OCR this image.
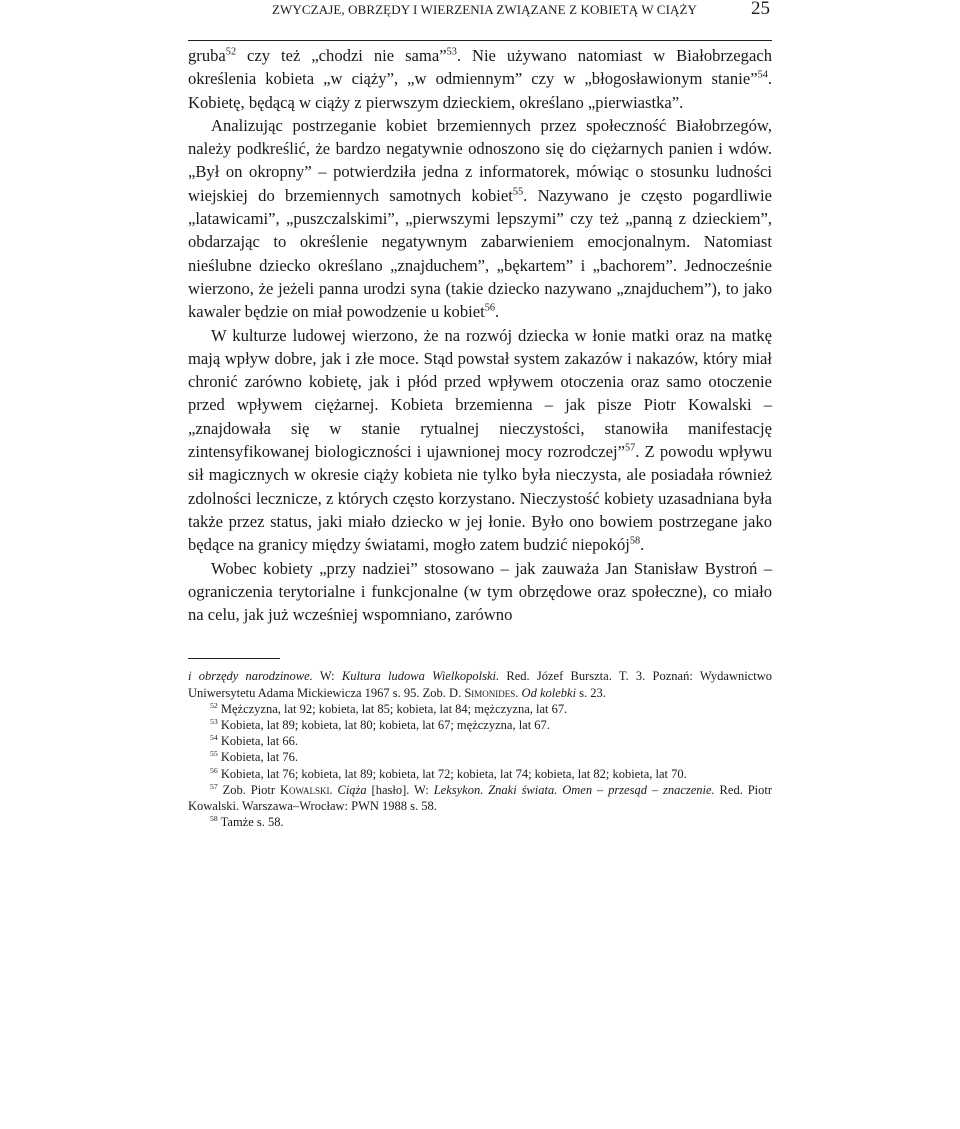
ZWYCZAJE, OBRZĘDY I WIERZENIA ZWIĄZANE Z KOBIETĄ W CIĄŻY	25

gruba$^{52}$ czy też „chodzi nie sama”$^{53}$. Nie używano natomiast w Białobrzegach określenia kobieta „w ciąży”, „w odmiennym” czy w „błogosławionym stanie”$^{54}$. Kobietę, będącą w ciąży z pierwszym dzieckiem, określano „pierwiastka”.

Analizując postrzeganie kobiet brzemiennych przez społeczność Białobrzegów, należy podkreślić, że bardzo negatywnie odnoszono się do ciężarnych panien i wdów. „Był on okropny” – potwierdziła jedna z informatorek, mówiąc o stosunku ludności wiejskiej do brzemiennych samotnych kobiet$^{55}$. Nazywano je często pogardliwie „latawicami”, „puszczalskimi”, „pierwszymi lepszymi” czy też „panną z dzieckiem”, obdarzając to określenie negatywnym zabarwieniem emocjonalnym. Natomiast nieślubne dziecko określano „znajduchem”, „bękartem” i „bachorem”. Jednocześnie wierzono, że jeżeli panna urodzi syna (takie dziecko nazywano „znajduchem”), to jako kawaler będzie on miał powodzenie u kobiet$^{56}$.

W kulturze ludowej wierzono, że na rozwój dziecka w łonie matki oraz na matkę mają wpływ dobre, jak i złe moce. Stąd powstał system zakazów i nakazów, który miał chronić zarówno kobietę, jak i płód przed wpływem otoczenia oraz samo otoczenie przed wpływem ciężarnej. Kobieta brzemienna – jak pisze Piotr Kowalski – „znajdowała się w stanie rytualnej nieczystości, stanowiła manifestację zintensyfikowanej biologiczności i ujawnionej mocy rozrodczej”$^{57}$. Z powodu wpływu sił magicznych w okresie ciąży kobieta nie tylko była nieczysta, ale posiadała również zdolności lecznicze, z których często korzystano. Nieczystość kobiety uzasadniana była także przez status, jaki miało dziecko w jej łonie. Było ono bowiem postrzegane jako będące na granicy między światami, mogło zatem budzić niepokój$^{58}$.

Wobec kobiety „przy nadziei” stosowano – jak zauważa Jan Stanisław Bystroń – ograniczenia terytorialne i funkcjonalne (w tym obrzędowe oraz społeczne), co miało na celu, jak już wcześniej wspomniano, zarówno

i obrzędy narodzinowe. W: Kultura ludowa Wielkopolski. Red. Józef Burszta. T. 3. Poznań: Wydawnictwo Uniwersytetu Adama Mickiewicza 1967 s. 95. Zob. D. Simonides. Od kolebki s. 23.

$^{52}$ Mężczyzna, lat 92; kobieta, lat 85; kobieta, lat 84; mężczyzna, lat 67.

$^{53}$ Kobieta, lat 89; kobieta, lat 80; kobieta, lat 67; mężczyzna, lat 67.

$^{54}$ Kobieta, lat 66.

$^{55}$ Kobieta, lat 76.

$^{56}$ Kobieta, lat 76; kobieta, lat 89; kobieta, lat 72; kobieta, lat 74; kobieta, lat 82; kobieta, lat 70.

$^{57}$ Zob. Piotr Kowalski. Ciąża [hasło]. W: Leksykon. Znaki świata. Omen – przesąd – znaczenie. Red. Piotr Kowalski. Warszawa–Wrocław: PWN 1988 s. 58.

$^{58}$ Tamże s. 58.
